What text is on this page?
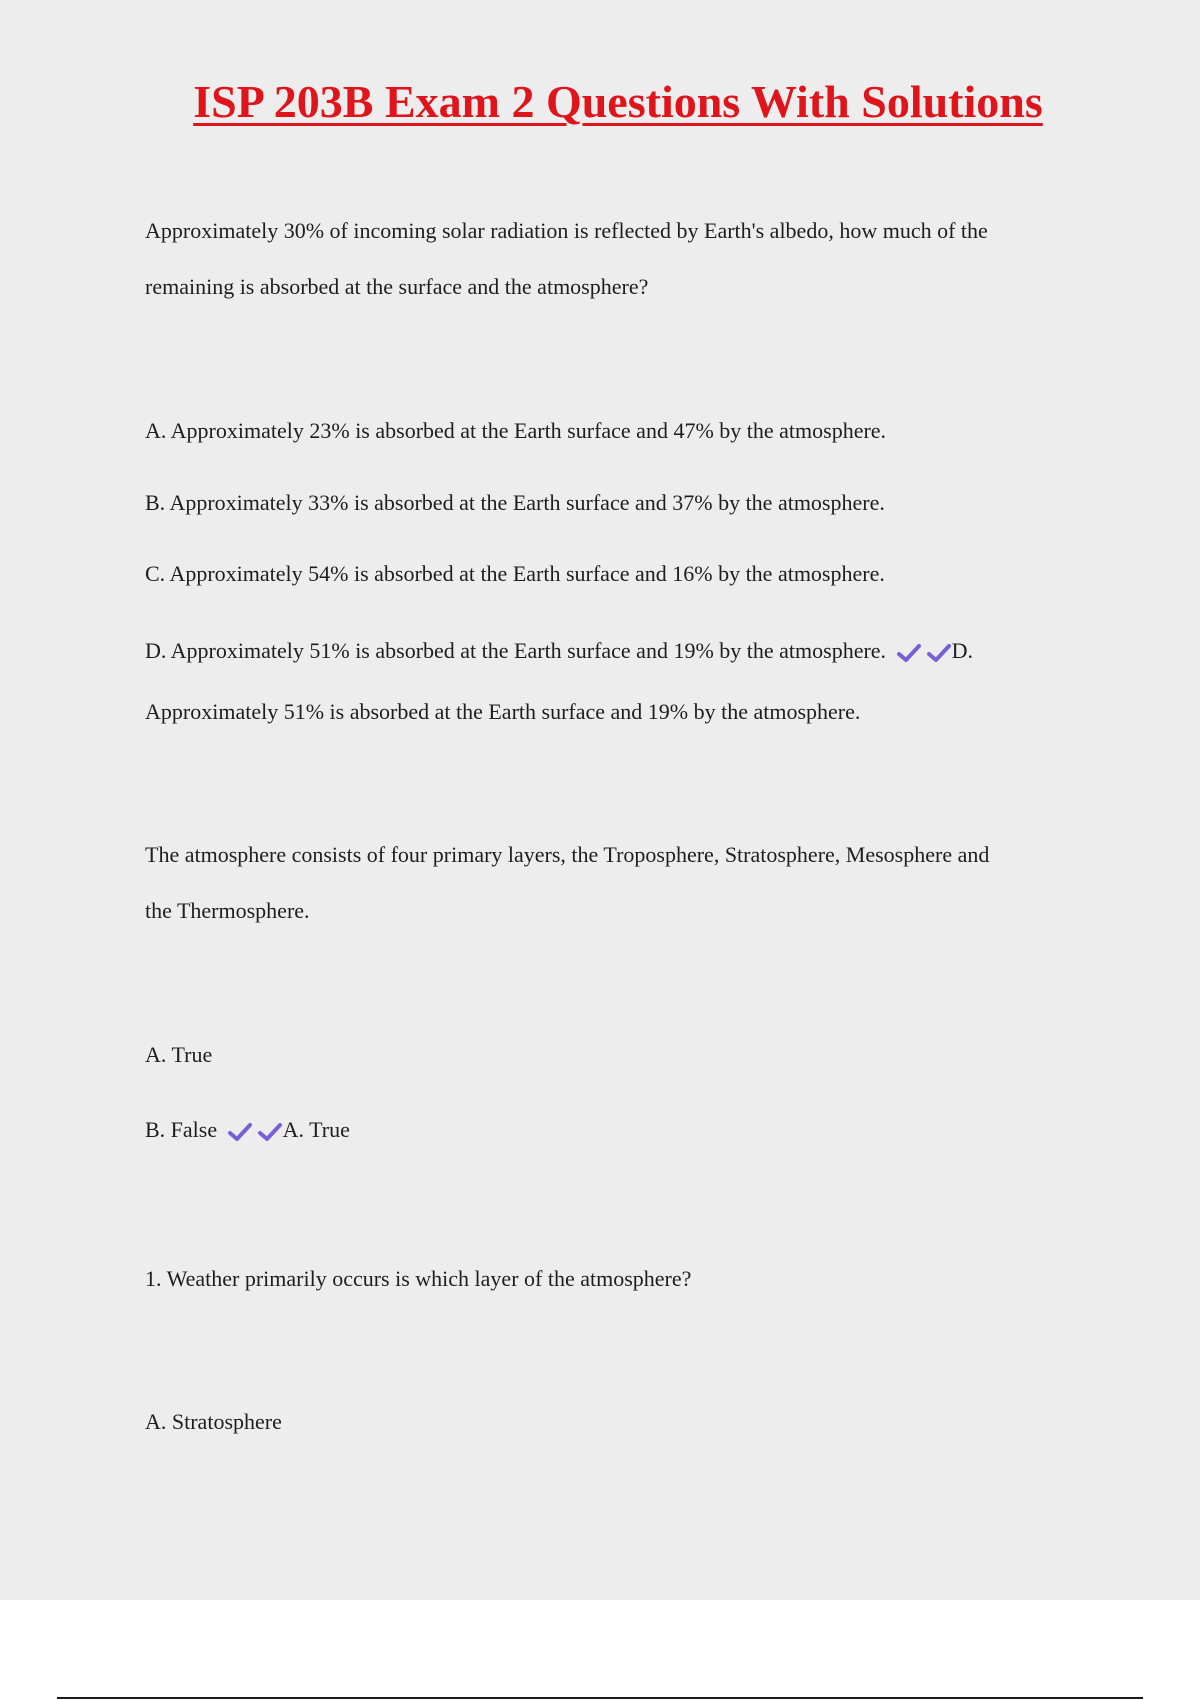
ISP 203B Exam 2 Questions With Solutions
Approximately 30% of incoming solar radiation is reflected by Earth's albedo, how much of the
remaining is absorbed at the surface and the atmosphere?
A. Approximately 23% is absorbed at the Earth surface and 47% by the atmosphere.
B. Approximately 33% is absorbed at the Earth surface and 37% by the atmosphere.
C. Approximately 54% is absorbed at the Earth surface and 16% by the atmosphere.
D. Approximately 51% is absorbed at the Earth surface and 19% by the atmosphere.	D.
Approximately 51% is absorbed at the Earth surface and 19% by the atmosphere.
The atmosphere consists of four primary layers, the Troposphere, Stratosphere, Mesosphere and
the Thermosphere.
A. True
B. False	A. True
1. Weather primarily occurs is which layer of the atmosphere?
A. Stratosphere
